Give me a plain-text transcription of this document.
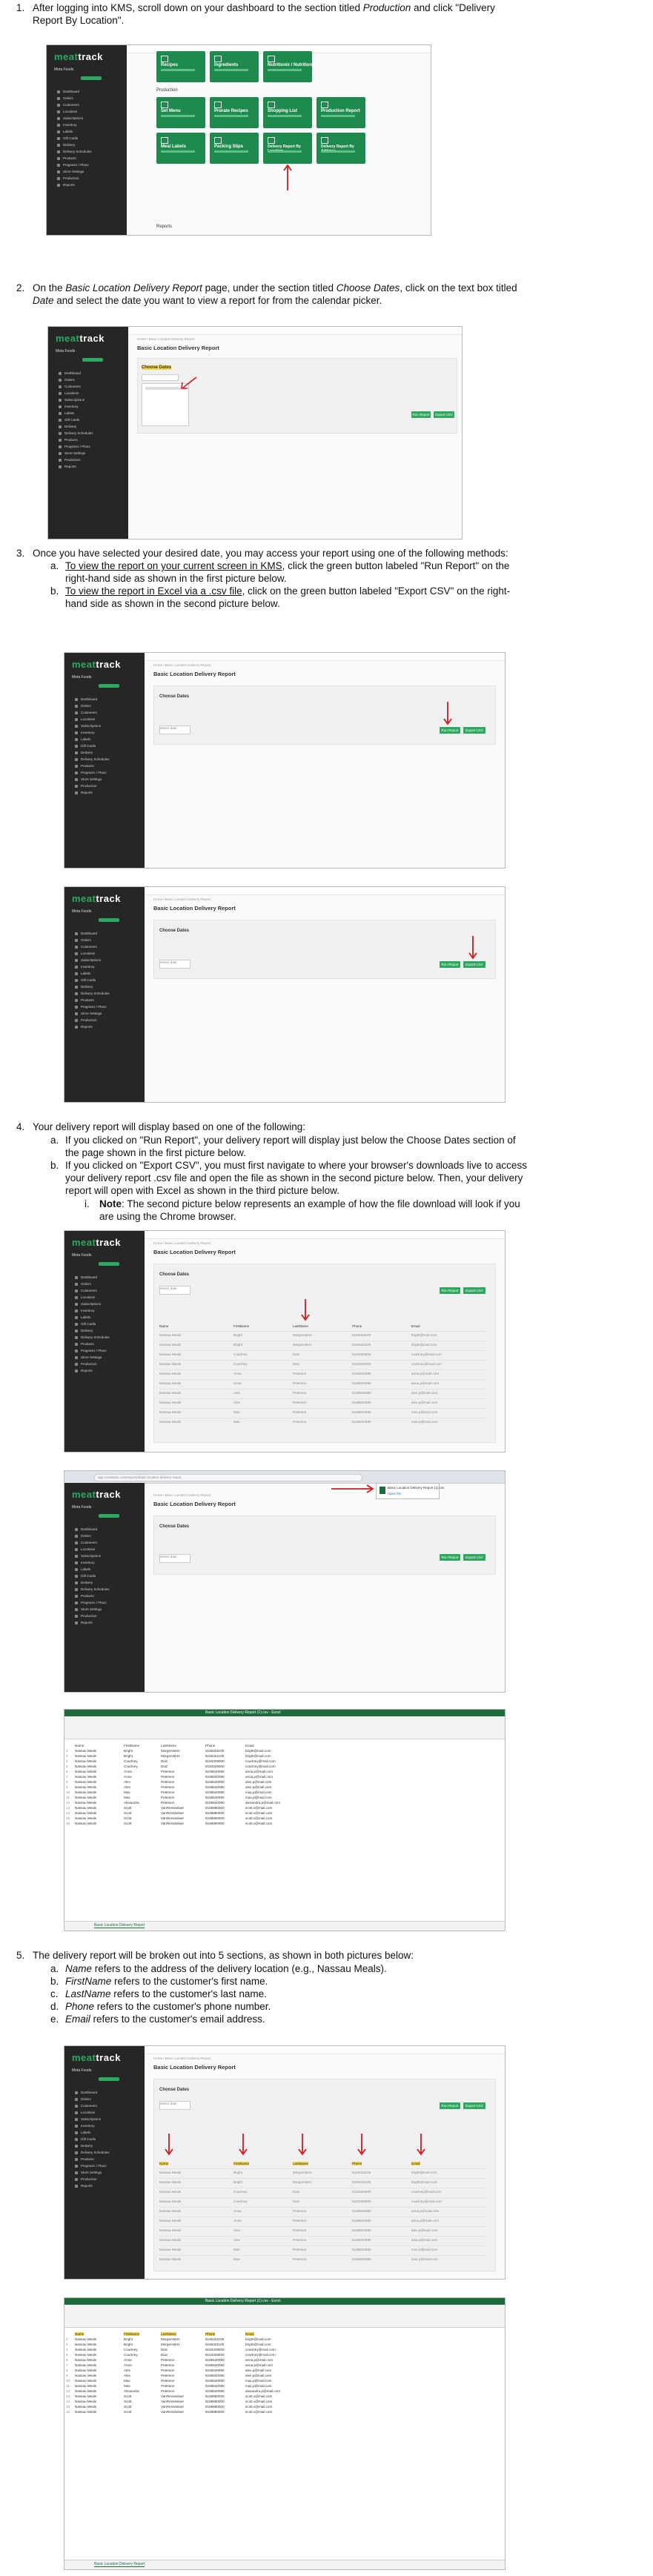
1. After logging into KMS, scroll down on your dashboard to the section titled Production and click "Delivery
Report By Location".
meattrack
Meta Foods
Dashboard
Orders
Customers
Locations
Subscriptions
Inventory
Labels
Gift Cards
Delivery
Delivery Schedules
Products
Programs / Plans
Store Settings
Production
Reports
Recipes	Ingredients	Nutritionix / Nutritionist
Production
Set Menu	Prorate Recipes	Shopping List	Production Report
Meal Labels	Packing Slips	Delivery Report By	Delivery Report By
Reports
2. On the Basic Location Delivery Report page, under the section titled Choose Dates, click on the text box titled
Date and select the date you want to view a report for from the calendar picker.
meattrack
Meta Foods
Dashboard
Orders
Customers
Locations
Subscriptions
Inventory
Labels
Gift Cards
Delivery
Delivery Schedules
Products
Programs / Plans
Store Settings
Production
Reports
Home / Basic Location Delivery Report
Basic Location Delivery Report
Choose Dates
Run Report	Export CSV
3. Once you have selected your desired date, you may access your report using one of the following methods:
a. To view the report on your current screen in KMS, click the green button labeled "Run Report" on the
right-hand side as shown in the first picture below.
b. To view the report in Excel via a .csv file, click on the green button labeled "Export CSV" on the right-
hand side as shown in the second picture below.
meattrack
Meta Foods
Dashboard
Orders
Customers
Locations
Subscriptions
Inventory
Labels
Gift Cards
Delivery
Delivery Schedules
Products
Programs / Plans
Store Settings
Production
Reports
Home / Basic Location Delivery Report
Basic Location Delivery Report
Choose Dates
Select date
Run Report	Export CSV
meattrack
Meta Foods
Dashboard
Orders
Customers
Locations
Subscriptions
Inventory
Labels
Gift Cards
Delivery
Delivery Schedules
Products
Programs / Plans
Store Settings
Production
Reports
Home / Basic Location Delivery Report
Basic Location Delivery Report
Choose Dates
Select date
Run Report	Export CSV
4. Your delivery report will display based on one of the following:
a. If you clicked on "Run Report", your delivery report will display just below the Choose Dates section of
the page shown in the first picture below.
b. If you clicked on "Export CSV", you must first navigate to where your browser's downloads live to access
your delivery report .csv file and open the file as shown in the second picture below. Then, your delivery
report will open with Excel as shown in the third picture below.
i. Note: The second picture below represents an example of how the file download will look if you
are using the Chrome browser.
meattrack
Meta Foods
Dashboard
Orders
Customers
Locations
Subscriptions
Inventory
Labels
Gift Cards
Delivery
Delivery Schedules
Products
Programs / Plans
Store Settings
Production
Reports
Home / Basic Location Delivery Report
Basic Location Delivery Report
Choose Dates
Select date
Run Report	Export CSV
Name	FirstName	LastName	Phone	Email
Nassau Meals	Bright	Morgenstern	5166321100	bright@mail.com
Nassau Meals	Bright	Morgenstern	5166321100	bright@mail.com
Nassau Meals	Courtney	Diaz	5163329000	courtney@mail.com
Nassau Meals	Courtney	Diaz	5163329000	courtney@mail.com
Nassau Meals	Anna	Peterson	5166540090	anna.p@mail.com
Nassau Meals	Anna	Peterson	5166540090	anna.p@mail.com
Nassau Meals	Alex	Peterson	5166540090	alex.p@mail.com
Nassau Meals	Alex	Peterson	5166540090	alex.p@mail.com
Nassau Meals	Max	Peterson	5166540090	max.p@mail.com
Nassau Meals	Max	Peterson	5166540090	max.p@mail.com
app.meattrack.com/reports/basic-location-delivery-report
Basic Location Delivery Report (1).csv
Open file
meattrack
Meta Foods
Dashboard
Orders
Customers
Locations
Subscriptions
Inventory
Labels
Gift Cards
Delivery
Delivery Schedules
Products
Programs / Plans
Store Settings
Production
Reports
Home / Basic Location Delivery Report
Basic Location Delivery Report
Choose Dates
Select date	Run Report	Export CSV
Basic Location Delivery Report (1).csv - Excel
Name	FirstName	LastName	Phone	Email
2 Nassau Meals	Bright	Morgenstern	5166321100	bright@mail.com
3 Nassau Meals	Bright	Morgenstern	5166321100	bright@mail.com
4 Nassau Meals	Courtney	Diaz	5163329000	courtney@mail.com
5 Nassau Meals	Courtney	Diaz	5163329000	courtney@mail.com
6 Nassau Meals	Anna	Peterson	5166540090	anna.p@mail.com
7 Nassau Meals	Anna	Peterson	5166540090	anna.p@mail.com
8 Nassau Meals	Alex	Peterson	5166540090	alex.p@mail.com
9 Nassau Meals	Alex	Peterson	5166540090	alex.p@mail.com
10 Nassau Meals	Max	Peterson	5166540090	max.p@mail.com
11 Nassau Meals	Max	Peterson	5166540090	max.p@mail.com
12 Nassau Meals	Alexandra	Peterson	5166540090	alexandra.p@mail.com
13 Nassau Meals	Scott	VanRensselaer	5168880000	scott.v@mail.com
14 Nassau Meals	Scott	VanRensselaer	5168880000	scott.v@mail.com
15 Nassau Meals	Scott	VanRensselaer	5168880000	scott.v@mail.com
16 Nassau Meals	Scott	VanRensselaer	5168880000	scott.v@mail.com
Basic Location Delivery Report
5. The delivery report will be broken out into 5 sections, as shown in both pictures below:
a. Name refers to the address of the delivery location (e.g., Nassau Meals).
b. FirstName refers to the customer's first name.
c. LastName refers to the customer's last name.
d. Phone refers to the customer's phone number.
e. Email refers to the customer's email address.
meattrack
Meta Foods
Dashboard
Orders
Customers
Locations
Subscriptions
Inventory
Labels
Gift Cards
Delivery
Delivery Schedules
Products
Programs / Plans
Store Settings
Production
Reports
Home / Basic Location Delivery Report
Basic Location Delivery Report
Choose Dates
Select date
Run Report	Export CSV
Name	FirstName	LastName	Phone	Email
Nassau Meals	Bright	Morgenstern	5166321100	bright@mail.com
Nassau Meals	Bright	Morgenstern	5166321100	bright@mail.com
Nassau Meals	Courtney	Diaz	5163329000	courtney@mail.com
Nassau Meals	Courtney	Diaz	5163329000	courtney@mail.com
Nassau Meals	Anna	Peterson	5166540090	anna.p@mail.com
Nassau Meals	Anna	Peterson	5166540090	anna.p@mail.com
Nassau Meals	Alex	Peterson	5166540090	alex.p@mail.com
Nassau Meals	Alex	Peterson	5166540090	alex.p@mail.com
Nassau Meals	Max	Peterson	5166540090	max.p@mail.com
Nassau Meals	Max	Peterson	5166540090	max.p@mail.com
Basic Location Delivery Report (1).csv - Excel
Name	FirstName	LastName	Phone	Email
2 Nassau Meals	Bright	Morgenstern	5166321100	bright@mail.com
3 Nassau Meals	Bright	Morgenstern	5166321100	bright@mail.com
4 Nassau Meals	Courtney	Diaz	5163329000	courtney@mail.com
5 Nassau Meals	Courtney	Diaz	5163329000	courtney@mail.com
6 Nassau Meals	Anna	Peterson	5166540090	anna.p@mail.com
7 Nassau Meals	Anna	Peterson	5166540090	anna.p@mail.com
8 Nassau Meals	Alex	Peterson	5166540090	alex.p@mail.com
9 Nassau Meals	Alex	Peterson	5166540090	alex.p@mail.com
10 Nassau Meals	Max	Peterson	5166540090	max.p@mail.com
11 Nassau Meals	Max	Peterson	5166540090	max.p@mail.com
12 Nassau Meals	Alexandra	Peterson	5166540090	alexandra.p@mail.com
13 Nassau Meals	Scott	VanRensselaer	5168880000	scott.v@mail.com
14 Nassau Meals	Scott	VanRensselaer	5168880000	scott.v@mail.com
15 Nassau Meals	Scott	VanRensselaer	5168880000	scott.v@mail.com
16 Nassau Meals	Scott	VanRensselaer	5168880000	scott.v@mail.com
Basic Location Delivery Report
